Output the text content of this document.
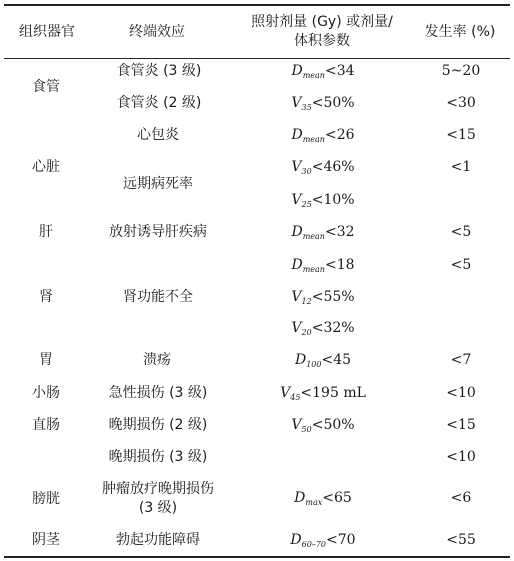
组织器官	终端效应
照射剂量 (Gy) 或剂量/
体积参数
发生率 (%)
食管
心脏
肝
肾
胃
小肠
直肠
膀胱
阴茎
食管炎 (3 级)
食管炎 (2 级)
心包炎
远期病死率
放射诱导肝疾病
肾功能不全
溃疡
急性损伤 (3 级)
晚期损伤 (2 级)
晚期损伤 (3 级)
肿瘤放疗晚期损伤
(3 级)
勃起功能障碍
$D_{mean}<34$
$V_{35}<50\%$
$D_{mean}<26$
$V_{30}<46\%$
$V_{25}<10\%$
$D_{mean}<32$
$D_{mean}<18$
$V_{12}<55\%$
$V_{20}<32\%$
$D_{100}<45$
$V_{45}<195$ mL
$V_{50}<50\%$
$D_{max}<65$
$D_{60-70}<70$
5~20
<30
<15
<1
<5
<5
<7
<10
<15
<10
<6
<55
